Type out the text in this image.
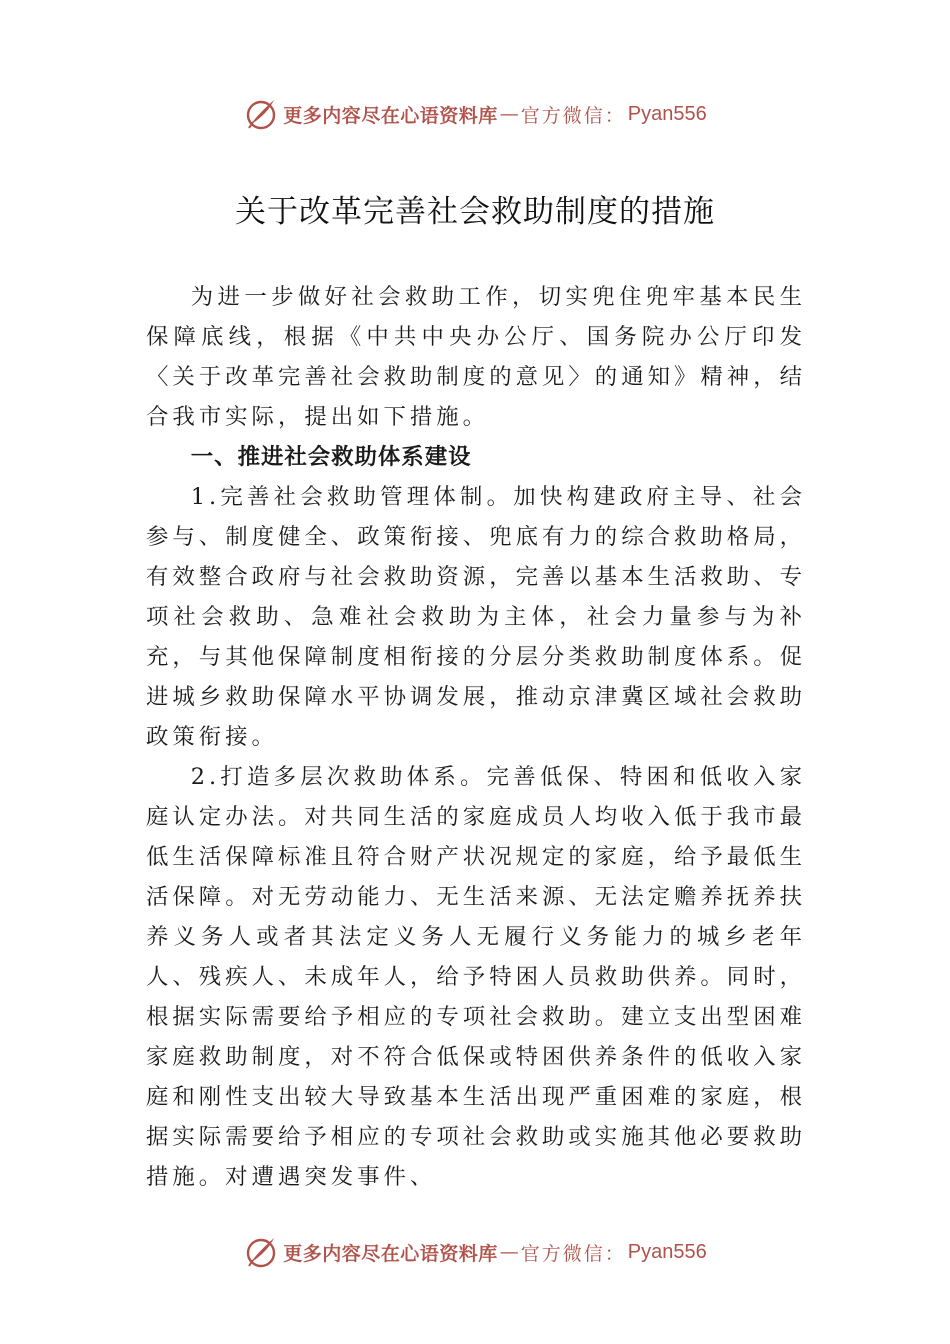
更多内容尽在心语资料库 — 官方微信： Pyan556
关于改革完善社会救助制度的措施

为进一步做好社会救助工作，切实兜住兜牢基本民生保障底线，根据《中共中央办公厅、国务院办公厅印发〈关于改革完善社会救助制度的意见〉的通知》精神，结合我市实际，提出如下措施。

一、推进社会救助体系建设

1.完善社会救助管理体制。加快构建政府主导、社会参与、制度健全、政策衔接、兜底有力的综合救助格局，有效整合政府与社会救助资源，完善以基本生活救助、专项社会救助、急难社会救助为主体，社会力量参与为补充，与其他保障制度相衔接的分层分类救助制度体系。促进城乡救助保障水平协调发展，推动京津冀区域社会救助政策衔接。

2.打造多层次救助体系。完善低保、特困和低收入家庭认定办法。对共同生活的家庭成员人均收入低于我市最低生活保障标准且符合财产状况规定的家庭，给予最低生活保障。对无劳动能力、无生活来源、无法定赡养抚养扶养义务人或者其法定义务人无履行义务能力的城乡老年人、残疾人、未成年人，给予特困人员救助供养。同时，根据实际需要给予相应的专项社会救助。建立支出型困难家庭救助制度，对不符合低保或特困供养条件的低收入家庭和刚性支出较大导致基本生活出现严重困难的家庭，根据实际需要给予相应的专项社会救助或实施其他必要救助措施。对遭遇突发事件、

更多内容尽在心语资料库 — 官方微信： Pyan556
